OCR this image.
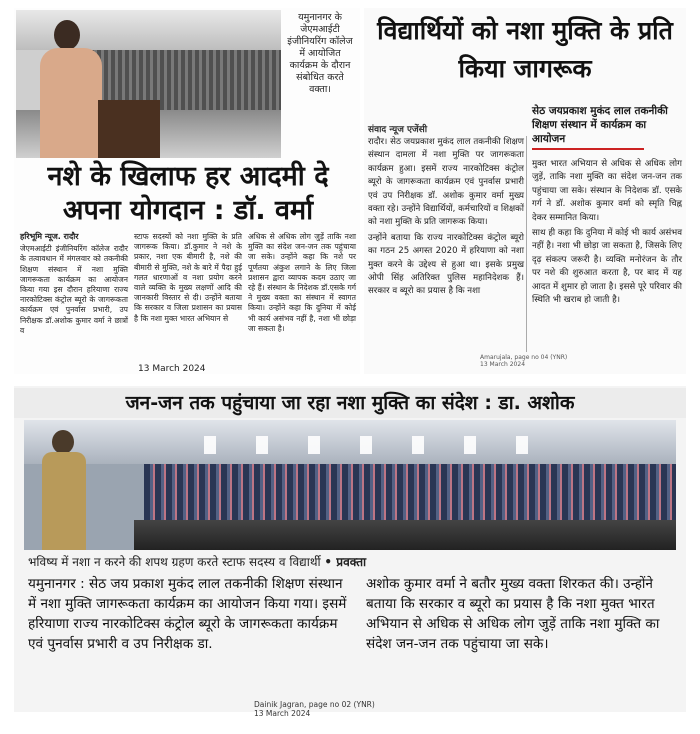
यमुनानगर के जेएमआईटी इंजीनियरिंग कॉलेज में आयोजित कार्यक्रम के दौरान संबोधित करते वक्ता।
नशे के खिलाफ हर आदमी दे अपना योगदान : डॉ. वर्मा
हरिभूमि न्यूज. रादौर
जेएमआईटी इंजीनियरिंग कॉलेज रादौर के तत्वावधान में मंगलवार को तकनीकी शिक्षण संस्थान में नशा मुक्ति जागरूकता कार्यक्रम का आयोजन किया गया इस दौरान हरियाणा राज्य नारकोटिक्स कंट्रोल ब्यूरो के जागरूकता कार्यक्रम एवं पुनर्वास प्रभारी, उप निरीक्षक डॉ.अशोक कुमार वर्मा ने छात्रों व
स्टाफ सदस्यों को नशा मुक्ति के प्रति जागरूक किया। डॉ.कुमार ने नशे के प्रकार, नशा एक बीमारी है, नशे की बीमारी से मुक्ति, नशे के बारे में पैदा हुई गलत धारणाओं व नशा प्रयोग करने वाले व्यक्ति के मुख्य लक्षणों आदि की जानकारी विस्तार से दी। उन्होंने बताया कि सरकार व जिला प्रशासन का प्रयास है कि नशा मुक्त भारत अभियान से
अधिक से अधिक लोग जुड़ें ताकि नशा मुक्ति का संदेश जन-जन तक पहुंचाया जा सके। उन्होंने कहा कि नशे पर पूर्णतया अंकुश लगाने के लिए जिला प्रशासन द्वारा व्यापक कदम उठाए जा रहे हैं। संस्थान के निदेशक डॉ.एसके गर्ग ने मुख्य वक्ता का संस्थान में स्वागत किया। उन्होंने कहा कि दुनिया में कोई भी कार्य असंभव नहीं है, नशा भी छोड़ा जा सकता है।
13 March 2024
विद्यार्थियों को नशा मुक्ति के प्रति किया जागरूक
सेठ जयप्रकाश मुकंद लाल तकनीकी शिक्षण संस्थान में कार्यक्रम का आयोजन
संवाद न्यूज एजेंसी

रादौर। सेठ जयप्रकाश मुकंद लाल तकनीकी शिक्षण संस्थान दामला में नशा मुक्ति पर जागरूकता कार्यक्रम हुआ। इसमें राज्य नारकोटिक्स कंट्रोल ब्यूरो के जागरूकता कार्यक्रम एवं पुनर्वास प्रभारी एवं उप निरीक्षक डॉ. अशोक कुमार वर्मा मुख्य वक्ता रहे। उन्होंने विद्यार्थियों, कर्मचारियों व शिक्षकों को नशा मुक्ति के प्रति जागरूक किया।

उन्होंने बताया कि राज्य नारकोटिक्स कंट्रोल ब्यूरो का गठन 25 अगस्त 2020 में हरियाणा को नशा मुक्त करने के उद्देश्य से हुआ था। इसके प्रमुख ओपी सिंह अतिरिक्त पुलिस महानिदेशक हैं। सरकार व ब्यूरो का प्रयास है कि नशा

मुक्त भारत अभियान से अधिक से अधिक लोग जुड़ें, ताकि नशा मुक्ति का संदेश जन-जन तक पहुंचाया जा सके। संस्थान के निदेशक डॉ. एसके गर्ग ने डॉ. अशोक कुमार वर्मा को स्मृति चिह्न देकर सम्मानित किया।

साथ ही कहा कि दुनिया में कोई भी कार्य असंभव नहीं है। नशा भी छोड़ा जा सकता है, जिसके लिए दृढ़ संकल्प जरूरी है। व्यक्ति मनोरंजन के तौर पर नशे की शुरुआत करता है, पर बाद में यह आदत में शुमार हो जाता है। इससे पूरे परिवार की स्थिति भी खराब हो जाती है।

Amarujala, page no 04 (YNR)
13 March 2024
जन-जन तक पहुंचाया जा रहा नशा मुक्ति का संदेश : डा. अशोक
भविष्य में नशा न करने की शपथ ग्रहण करते स्टाफ सदस्य व विद्यार्थी • प्रवक्ता
यमुनानगर : सेठ जय प्रकाश मुकंद लाल तकनीकी शिक्षण संस्थान में नशा मुक्ति जागरूकता कार्यक्रम का आयोजन किया गया। इसमें हरियाणा राज्य नारकोटिक्स कंट्रोल ब्यूरो के जागरूकता कार्यक्रम एवं पुनर्वास प्रभारी व उप निरीक्षक डा.
अशोक कुमार वर्मा ने बतौर मुख्य वक्ता शिरकत की। उन्होंने बताया कि सरकार व ब्यूरो का प्रयास है कि नशा मुक्त भारत अभियान से अधिक से अधिक लोग जुड़ें ताकि नशा मुक्ति का संदेश जन-जन तक पहुंचाया जा सके।
Dainik Jagran, page no 02 (YNR)
13 March 2024
